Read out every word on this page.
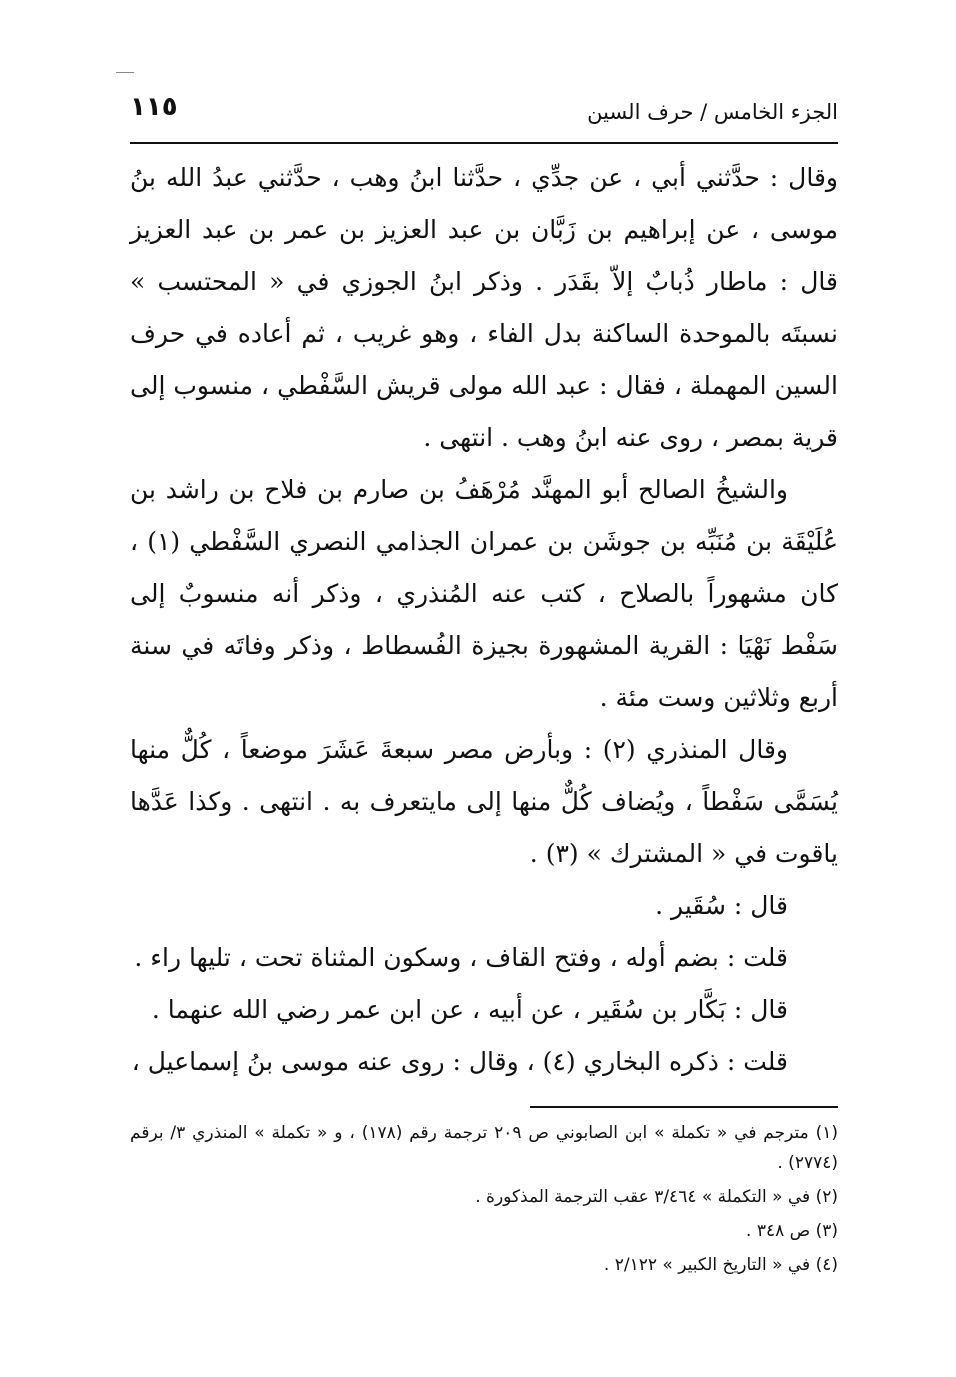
الجزء الخامس / حرف السين
١١٥

وقال : حدَّثني أبي ، عن جدِّي ، حدَّثنا ابنُ وهب ، حدَّثني عبدُ الله بنُ موسى ، عن إبراهيم بن زَبَّان بن عبد العزيز بن عمر بن عبد العزيز قال : ماطار ذُبابٌ إلاّ بقَدَر . وذكر ابنُ الجوزي في « المحتسب » نسبتَه بالموحدة الساكنة بدل الفاء ، وهو غريب ، ثم أعاده في حرف السين المهملة ، فقال : عبد الله مولى قريش السَّفْطي ، منسوب إلى قرية بمصر ، روى عنه ابنُ وهب . انتهى .

والشيخُ الصالح أبو المهنَّد مُرْهَفُ بن صارم بن فلاح بن راشد بن عُلَيْقَة بن مُنَبِّه بن جوشَن بن عمران الجذامي النصري السَّفْطي (١) ، كان مشهوراً بالصلاح ، كتب عنه المُنذري ، وذكر أنه منسوبٌ إلى سَفْط نَهْيَا : القرية المشهورة بجيزة الفُسطاط ، وذكر وفاتَه في سنة أربع وثلاثين وست مئة .

وقال المنذري (٢) : وبأرض مصر سبعةَ عَشَرَ موضعاً ، كُلٌّ منها يُسَمَّى سَفْطاً ، ويُضاف كُلٌّ منها إلى مايتعرف به . انتهى . وكذا عَدَّها ياقوت في « المشترك » (٣) .

قال : سُقَير .

قلت : بضم أوله ، وفتح القاف ، وسكون المثناة تحت ، تليها راء .

قال : بَكَّار بن سُقَير ، عن أبيه ، عن ابن عمر رضي الله عنهما .

قلت : ذكره البخاري (٤) ، وقال : روى عنه موسى بنُ إسماعيل ،

(١) مترجم في « تكملة » ابن الصابوني ص ٢٠٩ ترجمة رقم (١٧٨) ، و « تكملة » المنذري ٣/ برقم (٢٧٧٤) .

(٢) في « التكملة » ٣/٤٦٤ عقب الترجمة المذكورة .

(٣) ص ٣٤٨ .

(٤) في « التاريخ الكبير » ٢/١٢٢ .
